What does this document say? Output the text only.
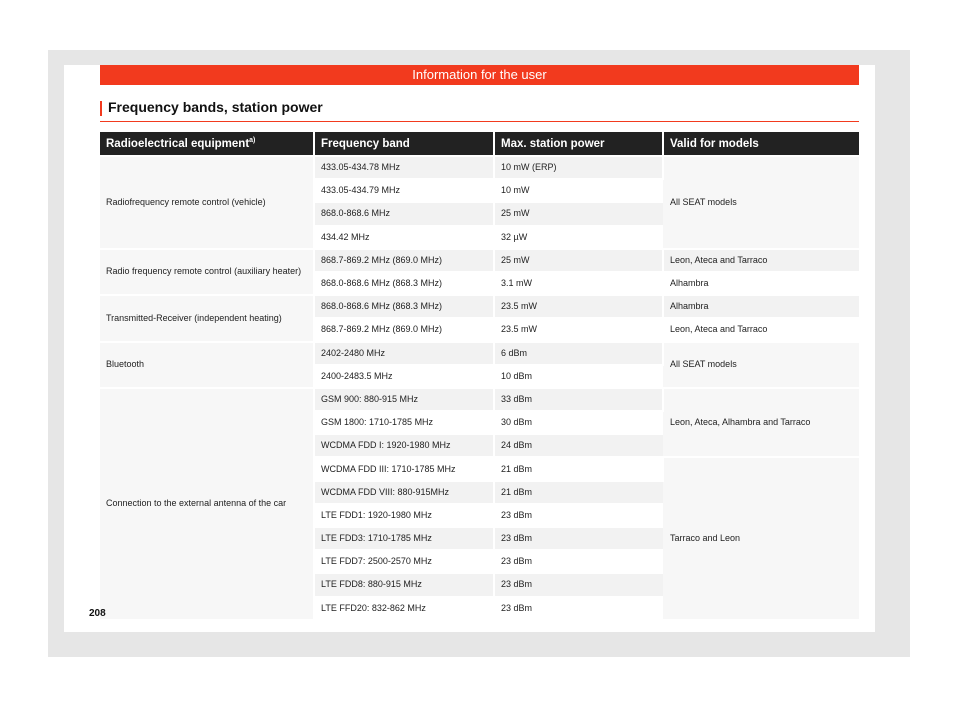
Information for the user
Frequency bands, station power
Radioelectrical equipment$^{a)}$	Frequency band	Max. station power	Valid for models
Radiofrequency remote control (vehicle)	433.05-434.78 MHz	10 mW (ERP)	All SEAT models
	433.05-434.79 MHz	10 mW	
	868.0-868.6 MHz	25 mW	
	434.42 MHz	32 µW	
Radio frequency remote control (auxiliary heater)	868.7-869.2 MHz (869.0 MHz)	25 mW	Leon, Ateca and Tarraco
	868.0-868.6 MHz (868.3 MHz)	3.1 mW	Alhambra
Transmitted-Receiver (independent heating)	868.0-868.6 MHz (868.3 MHz)	23.5 mW	Alhambra
	868.7-869.2 MHz (869.0 MHz)	23.5 mW	Leon, Ateca and Tarraco
Bluetooth	2402-2480 MHz	6 dBm	All SEAT models
	2400-2483.5 MHz	10 dBm	
Connection to the external antenna of the car	GSM 900: 880-915 MHz	33 dBm	Leon, Ateca, Alhambra and Tarraco
	GSM 1800: 1710-1785 MHz	30 dBm	
	WCDMA FDD I: 1920-1980 MHz	24 dBm	
	WCDMA FDD III: 1710-1785 MHz	21 dBm	Tarraco and Leon
	WCDMA FDD VIII: 880-915MHz	21 dBm	
	LTE FDD1: 1920-1980 MHz	23 dBm	
	LTE FDD3: 1710-1785 MHz	23 dBm	
	LTE FDD7: 2500-2570 MHz	23 dBm	
	LTE FDD8: 880-915 MHz	23 dBm	
	LTE FFD20: 832-862 MHz	23 dBm	
208
